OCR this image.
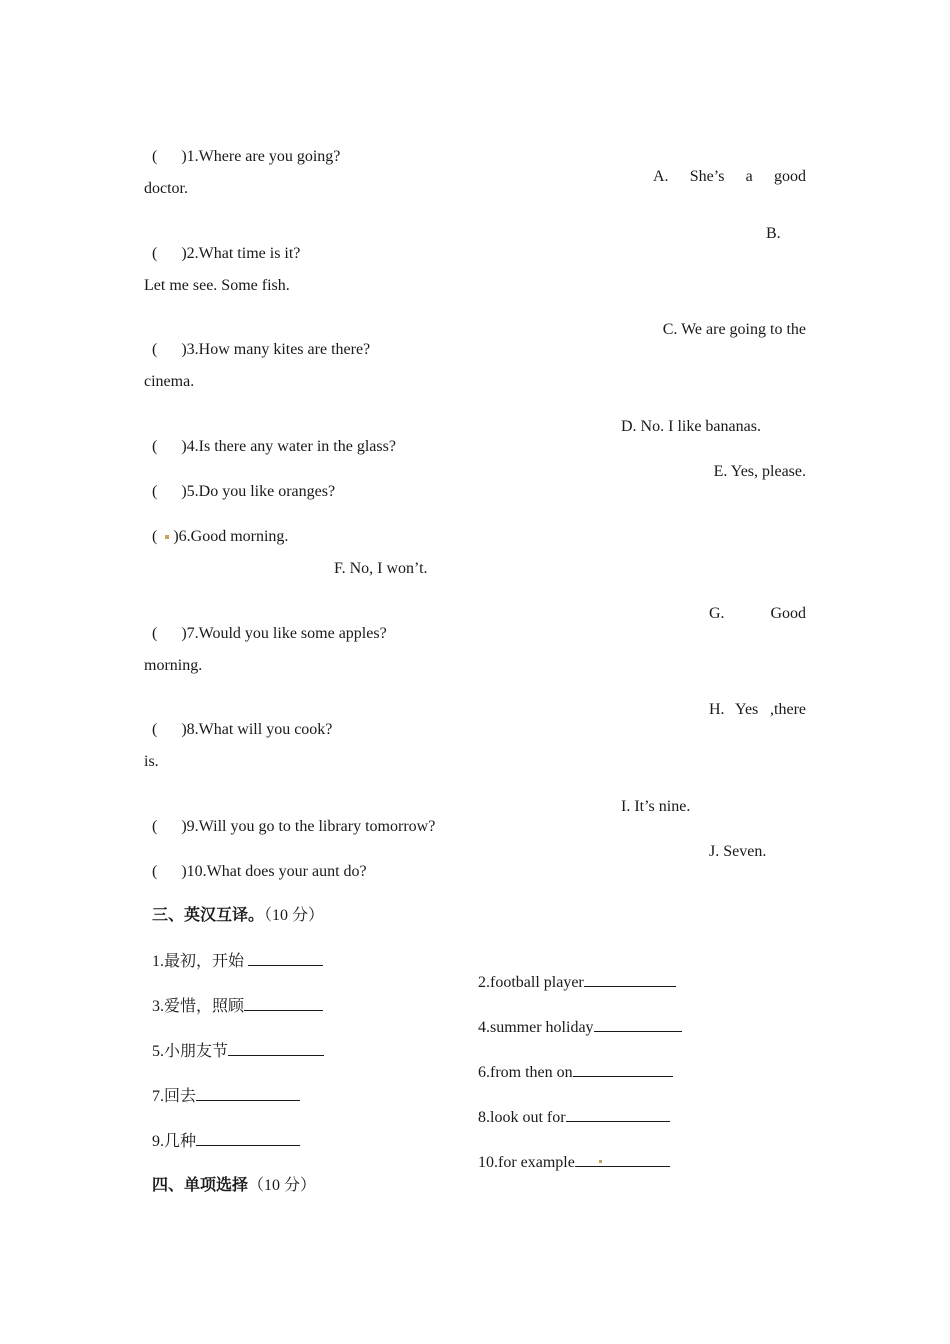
(      )1.Where are you going?

A. She’s a good

doctor.

(      )2.What time is it?

B.
Let me see. Some fish.

(      )3.How many kites are there?

C. We are going to the
cinema.

(      )4.Is there any water in the glass?

D. No. I like bananas.

(      )5.Do you like oranges?

E. Yes, please.

( )6.Good morning.

F. No, I won’t.

(      )7.Would you like some apples?

G.	Good
morning.

(      )8.What will you cook?

H. Yes ,there
is.

(      )9.Will you go to the library tomorrow?

I. It’s nine.

(      )10.What does your aunt do?

J. Seven.

三、英汉互译。（10 分）

1.最初，开始

2.football player

3.爱惜，照顾

4.summer holiday

5.小朋友节

6.from then on

7.回去

8.look out for

9.几种

10.for example

四、单项选择（10 分）
